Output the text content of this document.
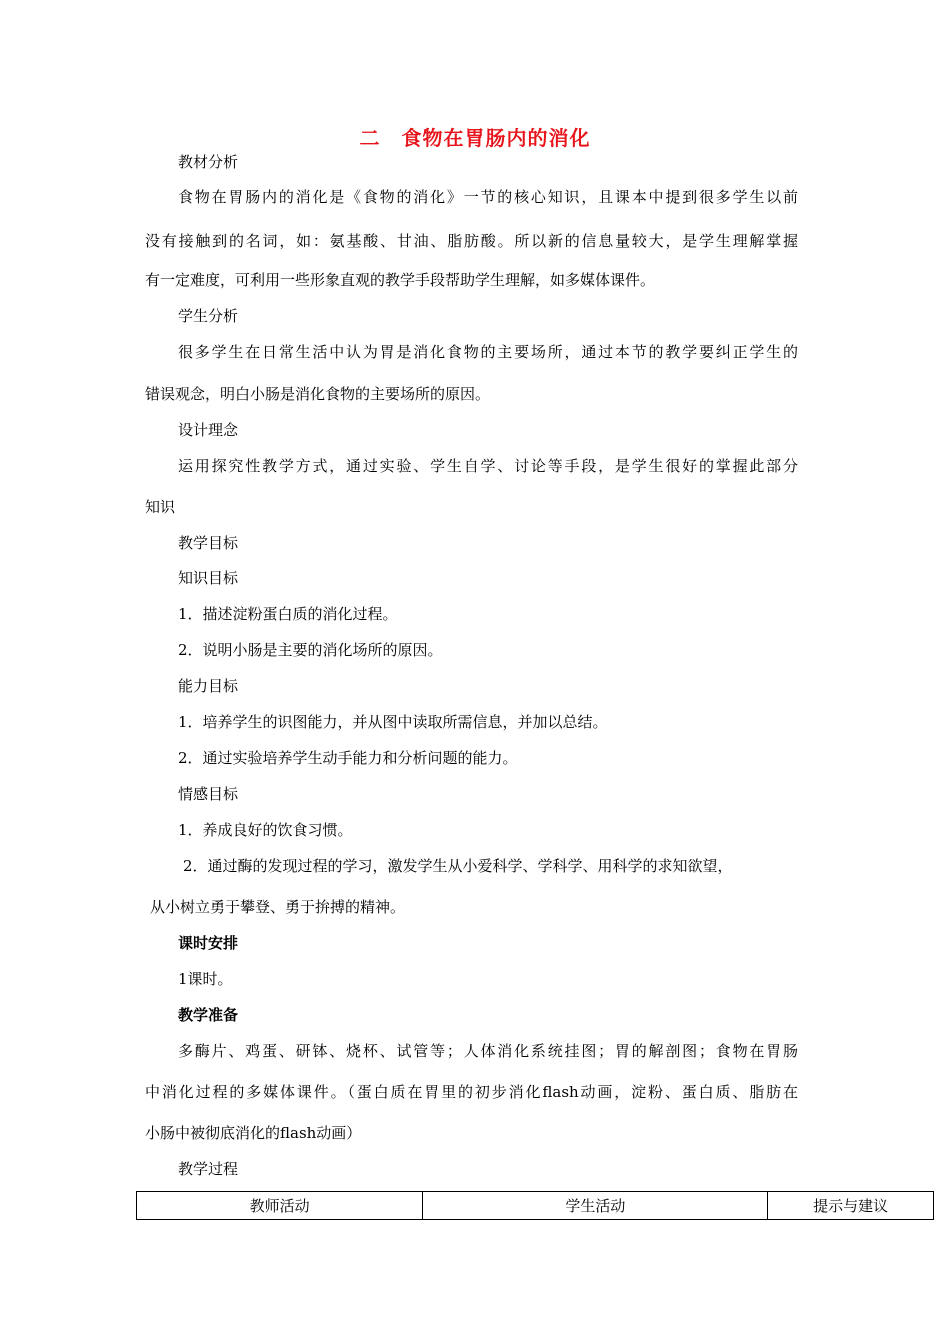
二　食物在胃肠内的消化
教材分析
食物在胃肠内的消化是《食物的消化》一节的核心知识，且课本中提到很多学生以前
没有接触到的名词，如：氨基酸、甘油、脂肪酸。所以新的信息量较大，是学生理解掌握
有一定难度，可利用一些形象直观的教学手段帮助学生理解，如多媒体课件。
学生分析
很多学生在日常生活中认为胃是消化食物的主要场所，通过本节的教学要纠正学生的
错误观念，明白小肠是消化食物的主要场所的原因。
设计理念
运用探究性教学方式，通过实验、学生自学、讨论等手段，是学生很好的掌握此部分
知识
教学目标
知识目标
1．描述淀粉蛋白质的消化过程。
2．说明小肠是主要的消化场所的原因。
能力目标
1．培养学生的识图能力，并从图中读取所需信息，并加以总结。
2．通过实验培养学生动手能力和分析问题的能力。
情感目标
1．养成良好的饮食习惯。
2．通过酶的发现过程的学习，激发学生从小爱科学、学科学、用科学的求知欲望，
从小树立勇于攀登、勇于拚搏的精神。
课时安排
1课时。
教学准备
多酶片、鸡蛋、研钵、烧杯、试管等；人体消化系统挂图；胃的解剖图；食物在胃肠
中消化过程的多媒体课件。（蛋白质在胃里的初步消化flash动画，淀粉、蛋白质、脂肪在
小肠中被彻底消化的flash动画）
教学过程
教师活动	学生活动	提示与建议
